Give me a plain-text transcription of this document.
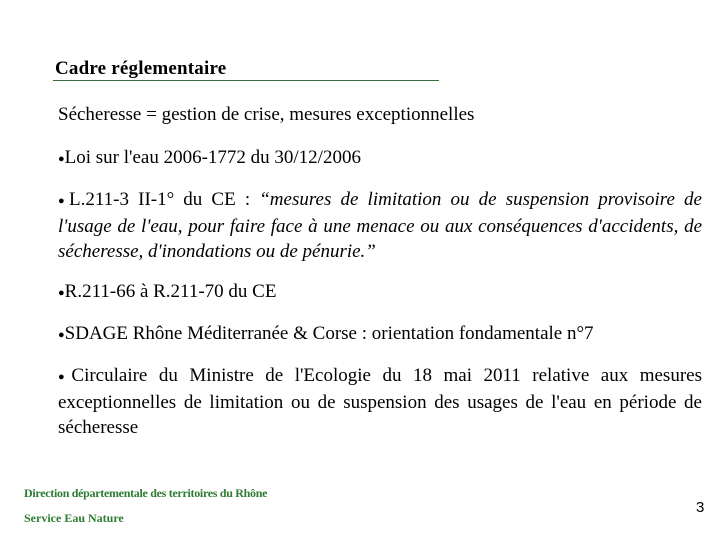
Cadre réglementaire
Sécheresse = gestion de crise, mesures exceptionnelles
●Loi sur l'eau 2006-1772 du 30/12/2006
●L.211-3 II-1° du CE : “mesures de limitation ou de suspension provisoire de l'usage de l'eau, pour faire face à une menace ou aux conséquences d'accidents, de sécheresse, d'inondations ou de pénurie.”
●R.211-66 à R.211-70 du CE
●SDAGE Rhône Méditerranée & Corse : orientation fondamentale n°7
●Circulaire du Ministre de l'Ecologie du 18 mai 2011 relative aux mesures exceptionnelles de limitation ou de suspension des usages de l'eau en période de sécheresse
Direction départementale des territoires du Rhône
Service Eau Nature
3
